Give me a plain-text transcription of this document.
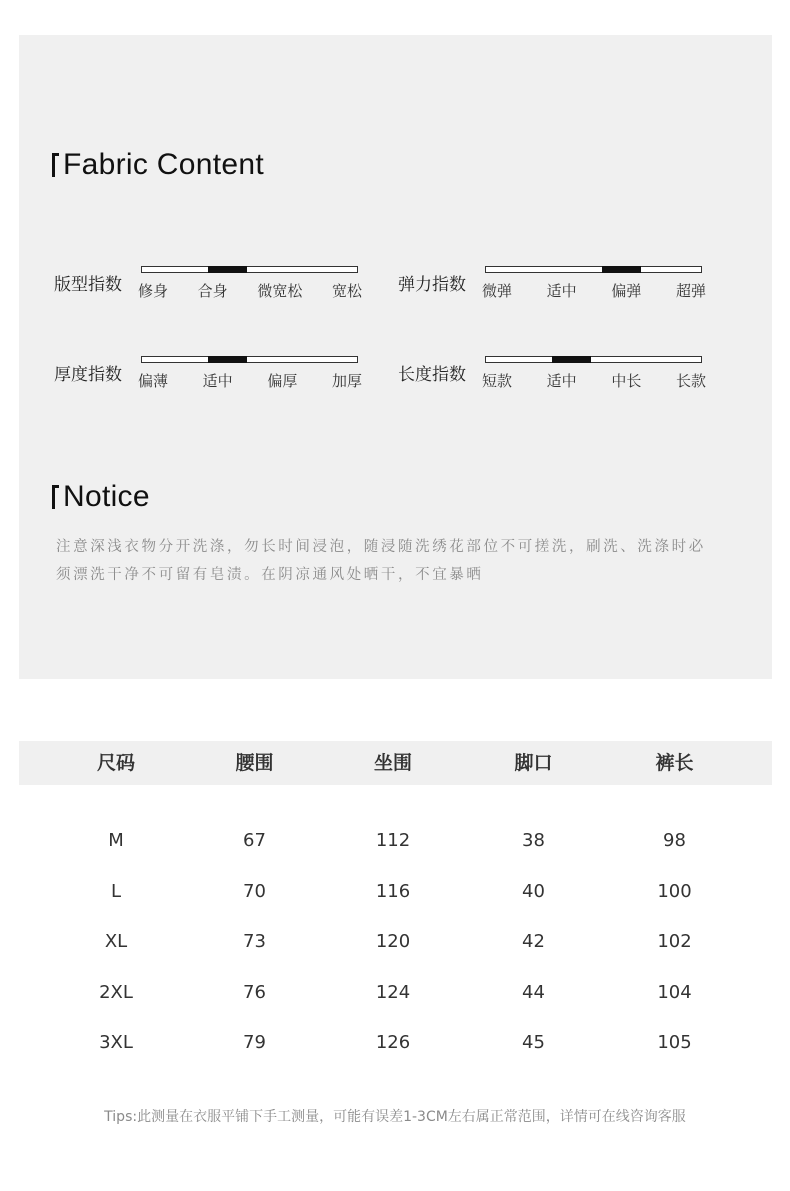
Fabric Content
版型指数 修身 合身 微宽松 宽松 弹力指数 微弹 适中 偏弹 超弹
厚度指数 偏薄 适中 偏厚 加厚 长度指数 短款 适中 中长 长款
Notice

注意深浅衣物分开洗涤，勿长时间浸泡，随浸随洗绣花部位不可搓洗，刷洗、洗涤时必须漂洗干净不可留有皂渍。在阴凉通风处晒干，不宜暴晒

尺码	腰围	坐围	脚口	裤长
M	67	112	38	98
L	70	116	40	100
XL	73	120	42	102
2XL	76	124	44	104
3XL	79	126	45	105

Tips:此测量在衣服平铺下手工测量，可能有误差1-3CM左右属正常范围，详情可在线咨询客服
